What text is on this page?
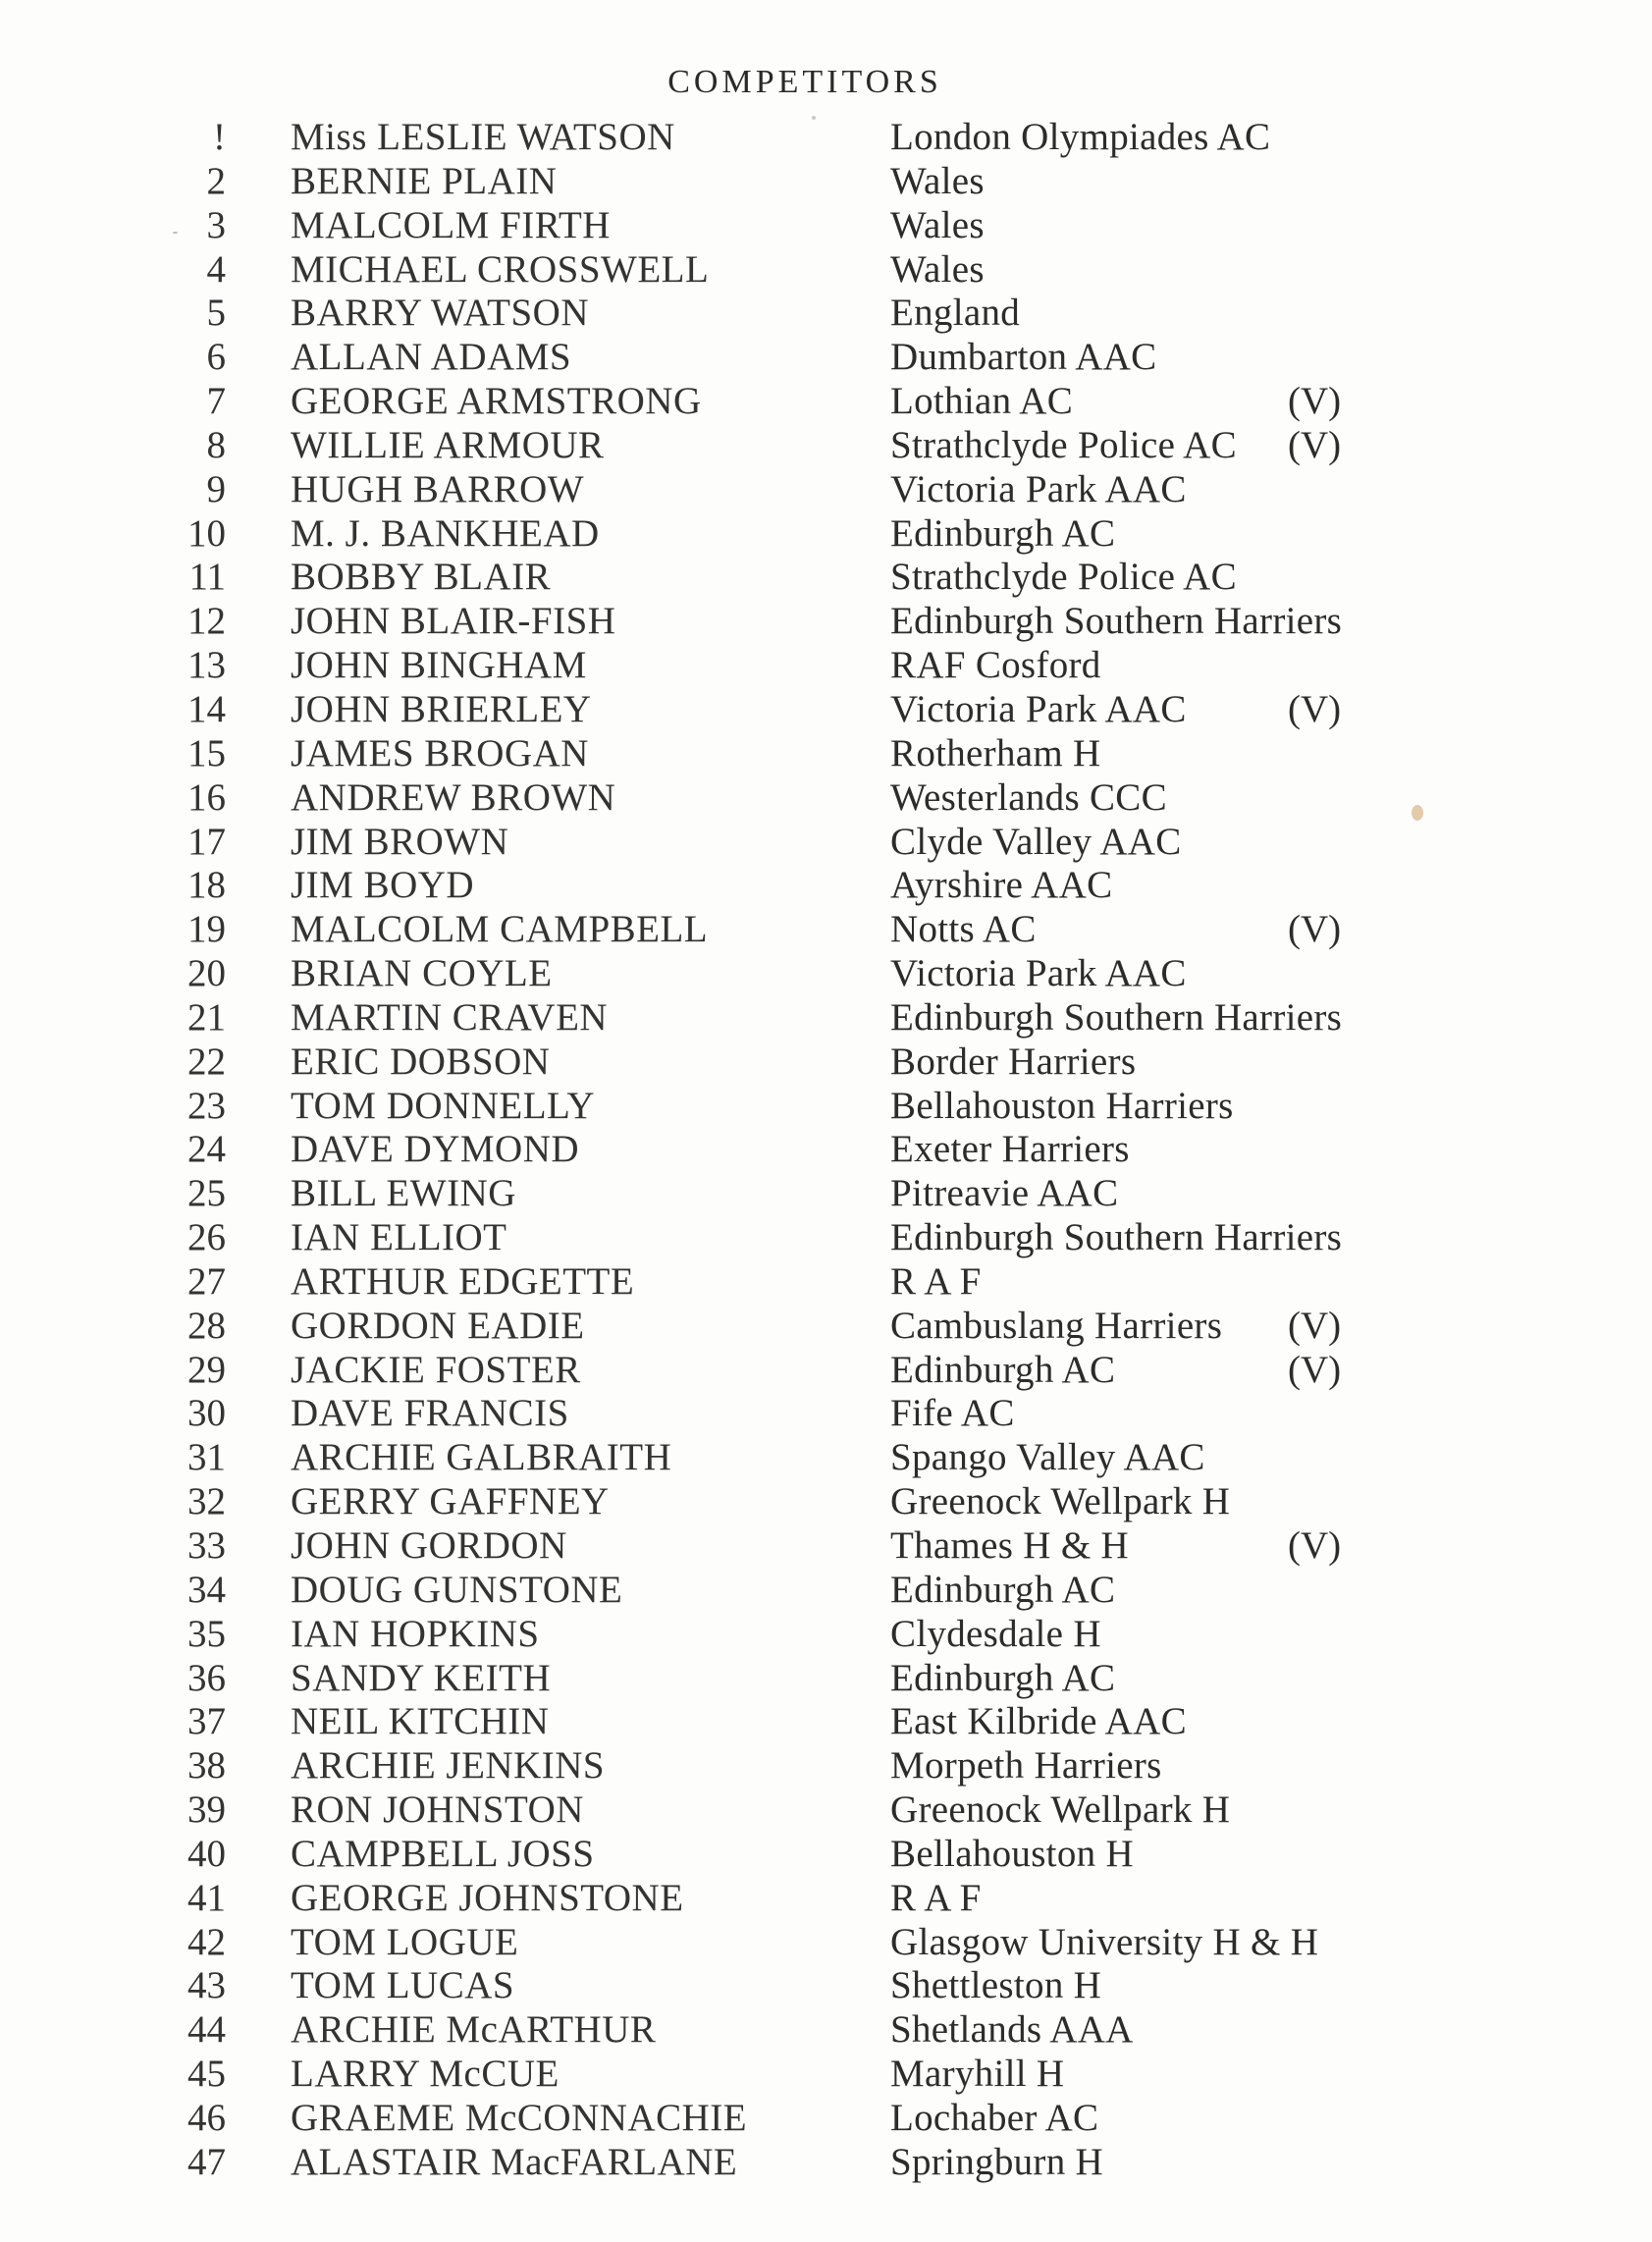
COMPETITORS
! Miss LESLIE WATSON	London Olympiades AC
2 BERNIE PLAIN	Wales
3 MALCOLM FIRTH	Wales
4 MICHAEL CROSSWELL	Wales
5 BARRY WATSON	England
6 ALLAN ADAMS	Dumbarton AAC
7 GEORGE ARMSTRONG	Lothian AC	(V)
8 WILLIE ARMOUR	Strathclyde Police AC (V)
9 HUGH BARROW	Victoria Park AAC
10 M. J. BANKHEAD	Edinburgh AC
11 BOBBY BLAIR	Strathclyde Police AC
12 JOHN BLAIR-FISH	Edinburgh Southern Harriers
13 JOHN BINGHAM	RAF Cosford
14 JOHN BRIERLEY	Victoria Park AAC	(V)
15 JAMES BROGAN	Rotherham H
16 ANDREW BROWN	Westerlands CCC
17 JIM BROWN	Clyde Valley AAC
18 JIM BOYD	Ayrshire AAC
19 MALCOLM CAMPBELL	Notts AC	(V)
20 BRIAN COYLE	Victoria Park AAC
21 MARTIN CRAVEN	Edinburgh Southern Harriers
22 ERIC DOBSON	Border Harriers
23 TOM DONNELLY	Bellahouston Harriers
24 DAVE DYMOND	Exeter Harriers
25 BILL EWING	Pitreavie AAC
26 IAN ELLIOT	Edinburgh Southern Harriers
27 ARTHUR EDGETTE	R A F
28 GORDON EADIE	Cambuslang Harriers (V)
29 JACKIE FOSTER	Edinburgh AC	(V)
30 DAVE FRANCIS	Fife AC
31 ARCHIE GALBRAITH	Spango Valley AAC
32 GERRY GAFFNEY	Greenock Wellpark H
33 JOHN GORDON	Thames H & H	(V)
34 DOUG GUNSTONE	Edinburgh AC
35 IAN HOPKINS	Clydesdale H
36 SANDY KEITH	Edinburgh AC
37 NEIL KITCHIN	East Kilbride AAC
38 ARCHIE JENKINS	Morpeth Harriers
39 RON JOHNSTON	Greenock Wellpark H
40 CAMPBELL JOSS	Bellahouston H
41 GEORGE JOHNSTONE	R A F
42 TOM LOGUE	Glasgow University H & H
43 TOM LUCAS	Shettleston H
44 ARCHIE McARTHUR	Shetlands AAA
45 LARRY McCUE	Maryhill H
46 GRAEME McCONNACHIE	Lochaber AC
47 ALASTAIR MacFARLANE	Springburn H
